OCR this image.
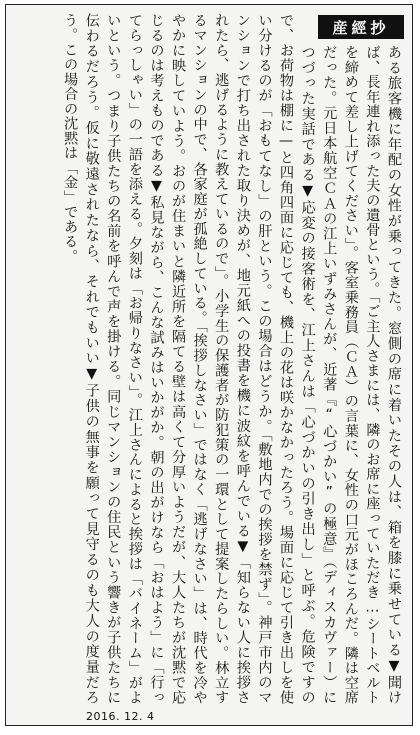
産經抄
ある旅客機に年配の女性が乗ってきた。窓側の席に着いたその人は、箱を膝に乗せている▼聞けば、長年連れ添った夫の遺骨という。「ご主人さまには、隣のお席に座っていただき…シートベルトを締めて差し上げてください」。客室乗務員（ＣＡ）の言葉に、女性の口元がほころんだ。隣は空席だった。元日本航空ＣＡの江上いずみさんが、近著『“心づかい”の極意』（ディスカヴァー）につづった実話である▼応変の接客術を、江上さんは「心づかいの引き出し」と呼ぶ。危険ですので、お荷物は棚に—と四角四面に応じても、機上の花は咲かなかったろう。場面に応じて引き出しを使い分けるのが「おもてなし」の肝という。この場合はどうか。「敷地内での挨拶を禁ず」。神戸市内のマンションで打ち出された取り決めが、地元紙への投書を機に波紋を呼んでいる▼「知らない人に挨拶されたら、逃げるように教えているので」。小学生の保護者が防犯策の一環として提案したらしい。林立するマンションの中で、各家庭が孤絶している。「挨拶しなさい」ではなく「逃げなさい」は、時代を冷ややかに映していよう。おのが住まいと隣近所を隔てる壁は高くて分厚いようだが、大人たちが沈黙で応じるのは考えものである▼私見ながら、こんな試みはいかがか。朝の出がけなら「おはよう」に「行ってらっしゃい」の一語を添える。夕刻は「お帰りなさい」。江上さんによると挨拶は「バイネーム」がよいという。つまり子供たちの名前を呼んで声を掛ける。同じマンションの住民という響きが子供たちに伝わるだろう。仮に敬遠されたなら、それでもいい▼子供の無事を願って見守るのも大人の度量だろう。この場合の沈黙は「金」である。
2016. 12. 4
